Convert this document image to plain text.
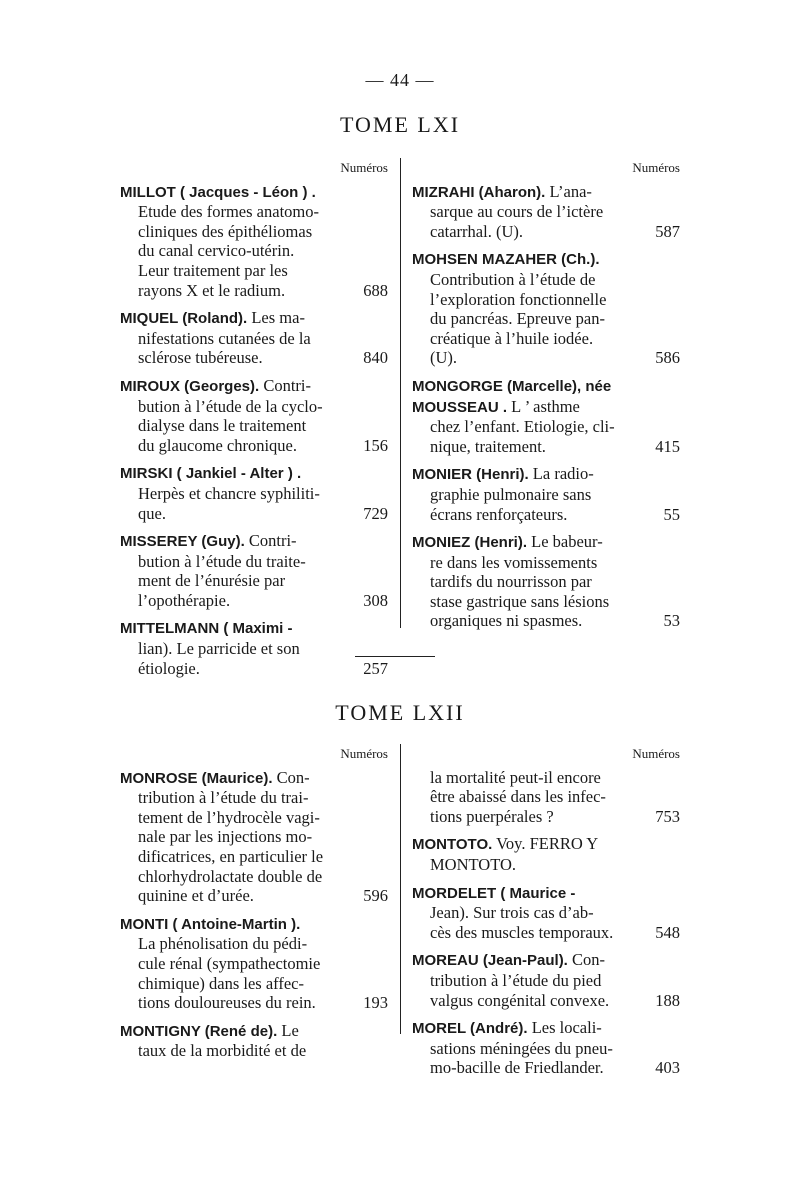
— 44 —
TOME LXI
Numéros
MILLOT ( Jacques - Léon ) .
Etude des formes anatomo-
cliniques des épithéliomas
du canal cervico-utérin.
Leur traitement par les
rayons X et le radium.	688
MIQUEL (Roland). Les ma-
nifestations cutanées de la
sclérose tubéreuse.	840
MIROUX (Georges). Contri-
bution à l’étude de la cyclo-
dialyse dans le traitement
du glaucome chronique.	156
MIRSKI ( Jankiel - Alter ) .
Herpès et chancre syphiliti-
que.	729
MISSEREY (Guy). Contri-
bution à l’étude du traite-
ment de l’énurésie par
l’opothérapie.	308
MITTELMANN ( Maximi -
lian). Le parricide et son
étiologie.	257
Numéros
MIZRAHI (Aharon). L’ana-
sarque au cours de l’ictère
catarrhal. (U).	587
MOHSEN MAZAHER (Ch.).
Contribution à l’étude de
l’exploration fonctionnelle
du pancréas. Epreuve pan-
créatique à l’huile iodée.
(U).	586
MONGORGE (Marcelle), née
MOUSSEAU . L ’ asthme
chez l’enfant. Etiologie, cli-
nique, traitement.	415
MONIER (Henri). La radio-
graphie pulmonaire sans
écrans renforçateurs.	55
MONIEZ (Henri). Le babeur-
re dans les vomissements
tardifs du nourrisson par
stase gastrique sans lésions
organiques ni spasmes.	53
TOME LXII
Numéros
MONROSE (Maurice). Con-
tribution à l’étude du trai-
tement de l’hydrocèle vagi-
nale par les injections mo-
dificatrices, en particulier le
chlorhydrolactate double de
quinine et d’urée.	596
MONTI ( Antoine-Martin ).
La phénolisation du pédi-
cule rénal (sympathectomie
chimique) dans les affec-
tions douloureuses du rein.	193
MONTIGNY (René de). Le
taux de la morbidité et de
Numéros
la mortalité peut-il encore
être abaissé dans les infec-
tions puerpérales ?	753
MONTOTO. Voy. FERRO Y
MONTOTO.
MORDELET ( Maurice -
Jean). Sur trois cas d’ab-
cès des muscles temporaux.	548
MOREAU (Jean-Paul). Con-
tribution à l’étude du pied
valgus congénital convexe.	188
MOREL (André). Les locali-
sations méningées du pneu-
mo-bacille de Friedlander.	403
